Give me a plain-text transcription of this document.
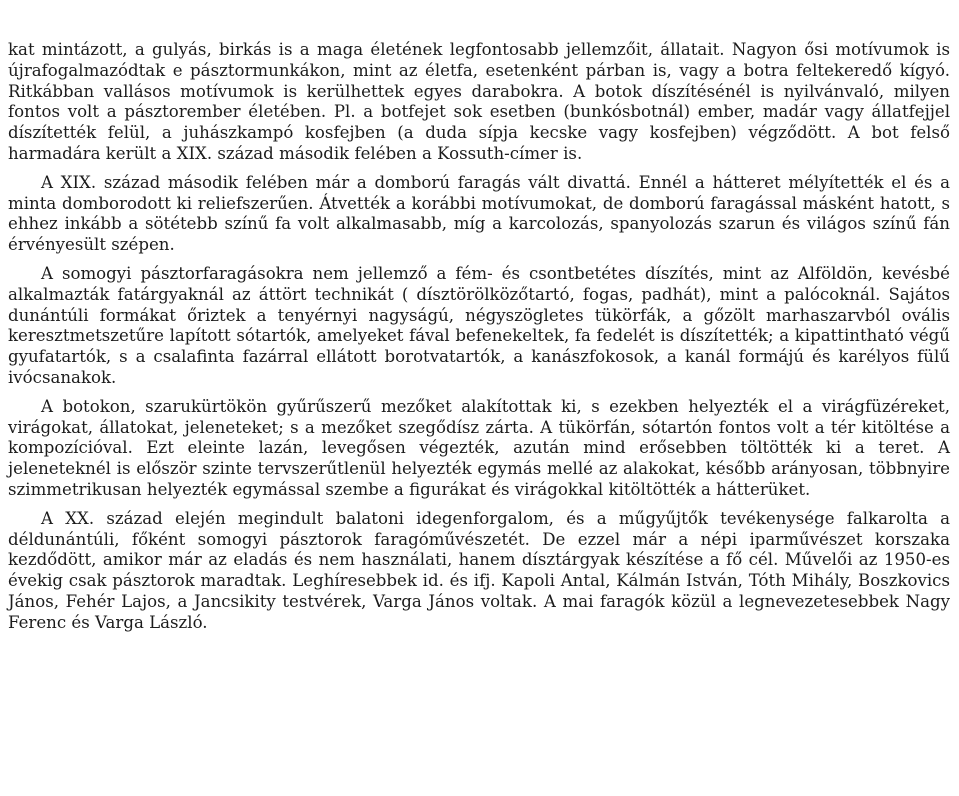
kat mintázott, a gulyás, birkás is a maga életének legfontosabb jellemzőit, állatait. Nagyon ősi motívumok is újrafogalmazódtak e pásztormunkákon, mint az életfa, esetenként párban is, vagy a botra feltekeredő kígyó. Ritkábban vallásos motívumok is kerülhettek egyes darabokra. A botok díszítésénél is nyilvánvaló, milyen fontos volt a pásztorember életében. Pl. a botfejet sok esetben (bunkósbotnál) ember, madár vagy állatfejjel díszítették felül, a juhászkampó kosfejben (a duda sípja kecske vagy kosfejben) végződött. A bot felső harmadára került a XIX. század második felében a Kossuth-címer is.

A XIX. század második felében már a domború faragás vált divattá. Ennél a hátteret mélyítették el és a minta domborodott ki reliefszerűen. Átvették a korábbi motívumokat, de domború faragással másként hatott, s ehhez inkább a sötétebb színű fa volt alkalmasabb, míg a karcolozás, spanyolozás szarun és világos színű fán érvényesült szépen.

A somogyi pásztorfaragásokra nem jellemző a fém- és csontbetétes díszítés, mint az Alföldön, kevésbé alkalmazták fatárgyaknál az áttört technikát ( dísztörölközőtartó, fogas, padhát), mint a palócoknál. Sajátos dunántúli formákat őriztek a tenyérnyi nagyságú, négyszögletes tükörfák, a gőzölt marhaszarvból ovális keresztmetszetűre lapított sótartók, amelyeket fával befenekeltek, fa fedelét is díszítették; a kipattintható végű gyufatartók, s a csalafinta fazárral ellátott borotvatartók, a kanászfokosok, a kanál formájú és karélyos fülű ivócsanakok.

A botokon, szarukürtökön gyűrűszerű mezőket alakítottak ki, s ezekben helyezték el a virágfüzéreket, virágokat, állatokat, jeleneteket; s a mezőket szegődísz zárta. A tükörfán, sótartón fontos volt a tér kitöltése a kompozícióval. Ezt eleinte lazán, levegősen végezték, azután mind erősebben töltötték ki a teret. A jeleneteknél is először szinte tervszerűtlenül helyezték egymás mellé az alakokat, később arányosan, többnyire szimmetrikusan helyezték egymással szembe a figurákat és virágokkal kitöltötték a hátterüket.

A XX. század elején megindult balatoni idegenforgalom, és a műgyűjtők tevékenysége falkarolta a déldunántúli, főként somogyi pásztorok faragóművészetét. De ezzel már a népi iparművészet korszaka kezdődött, amikor már az eladás és nem használati, hanem dísztárgyak készítése a fő cél. Művelői az 1950-es évekig csak pásztorok maradtak. Leghíresebbek id. és ifj. Kapoli Antal, Kálmán István, Tóth Mihály, Boszkovics János, Fehér Lajos, a Jancsikity testvérek, Varga János voltak. A mai faragók közül a legnevezetesebbek Nagy Ferenc és Varga László.
